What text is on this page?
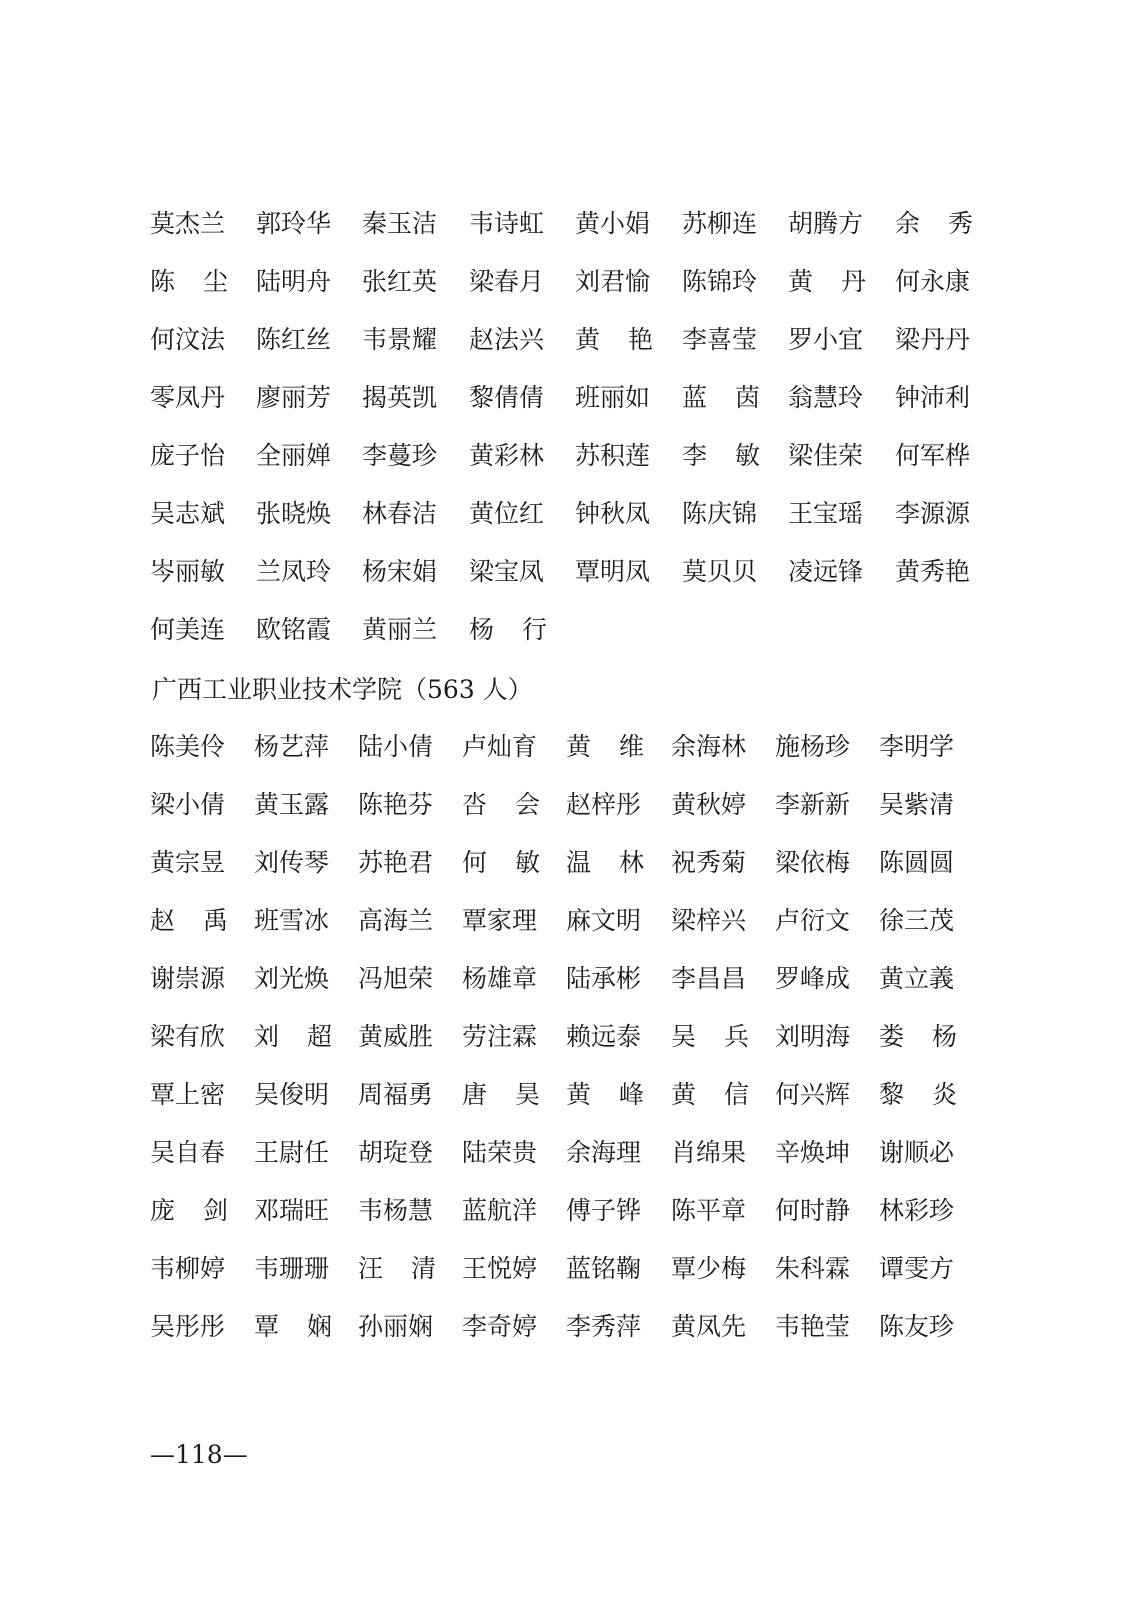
莫杰兰 郭玲华 秦玉洁 韦诗虹 黄小娟 苏柳连 胡腾方 余 秀
陈 尘 陆明舟 张红英 梁春月 刘君愉 陈锦玲 黄 丹 何永康
何汶法 陈红丝 韦景耀 赵法兴 黄 艳 李喜莹 罗小宜 梁丹丹
零凤丹 廖丽芳 揭英凯 黎倩倩 班丽如 蓝 茵 翁慧玲 钟沛利
庞子怡 全丽婵 李蔓珍 黄彩林 苏积莲 李 敏 梁佳荣 何军桦
吴志斌 张晓焕 林春洁 黄位红 钟秋凤 陈庆锦 王宝瑶 李源源
岑丽敏 兰凤玲 杨宋娟 梁宝凤 覃明凤 莫贝贝 凌远锋 黄秀艳
何美连 欧铭霞 黄丽兰 杨 行
广西工业职业技术学院（563 人）
陈美伶 杨艺萍 陆小倩 卢灿育 黄 维 余海林 施杨珍 李明学
梁小倩 黄玉露 陈艳芬 呇 会 赵梓彤 黄秋婷 李新新 吴紫清
黄宗昱 刘传琴 苏艳君 何 敏 温 林 祝秀菊 梁依梅 陈圆圆
赵 禹 班雪冰 高海兰 覃家理 麻文明 梁梓兴 卢衍文 徐三茂
谢崇源 刘光焕 冯旭荣 杨雄章 陆承彬 李昌昌 罗峰成 黄立義
梁有欣 刘 超 黄威胜 劳注霖 赖远泰 吴 兵 刘明海 娄 杨
覃上密 吴俊明 周福勇 唐 昊 黄 峰 黄 信 何兴辉 黎 炎
吴自春 王尉任 胡琁登 陆荣贵 余海理 肖绵果 辛焕坤 谢顺必
庞 剑 邓瑞旺 韦杨慧 蓝航洋 傅子铧 陈平章 何时静 林彩珍
韦柳婷 韦珊珊 汪 清 王悦婷 蓝铭鞠 覃少梅 朱科霖 谭雯方
吴彤彤 覃 娴 孙丽娴 李奇婷 李秀萍 黄凤先 韦艳莹 陈友珍
—118—
